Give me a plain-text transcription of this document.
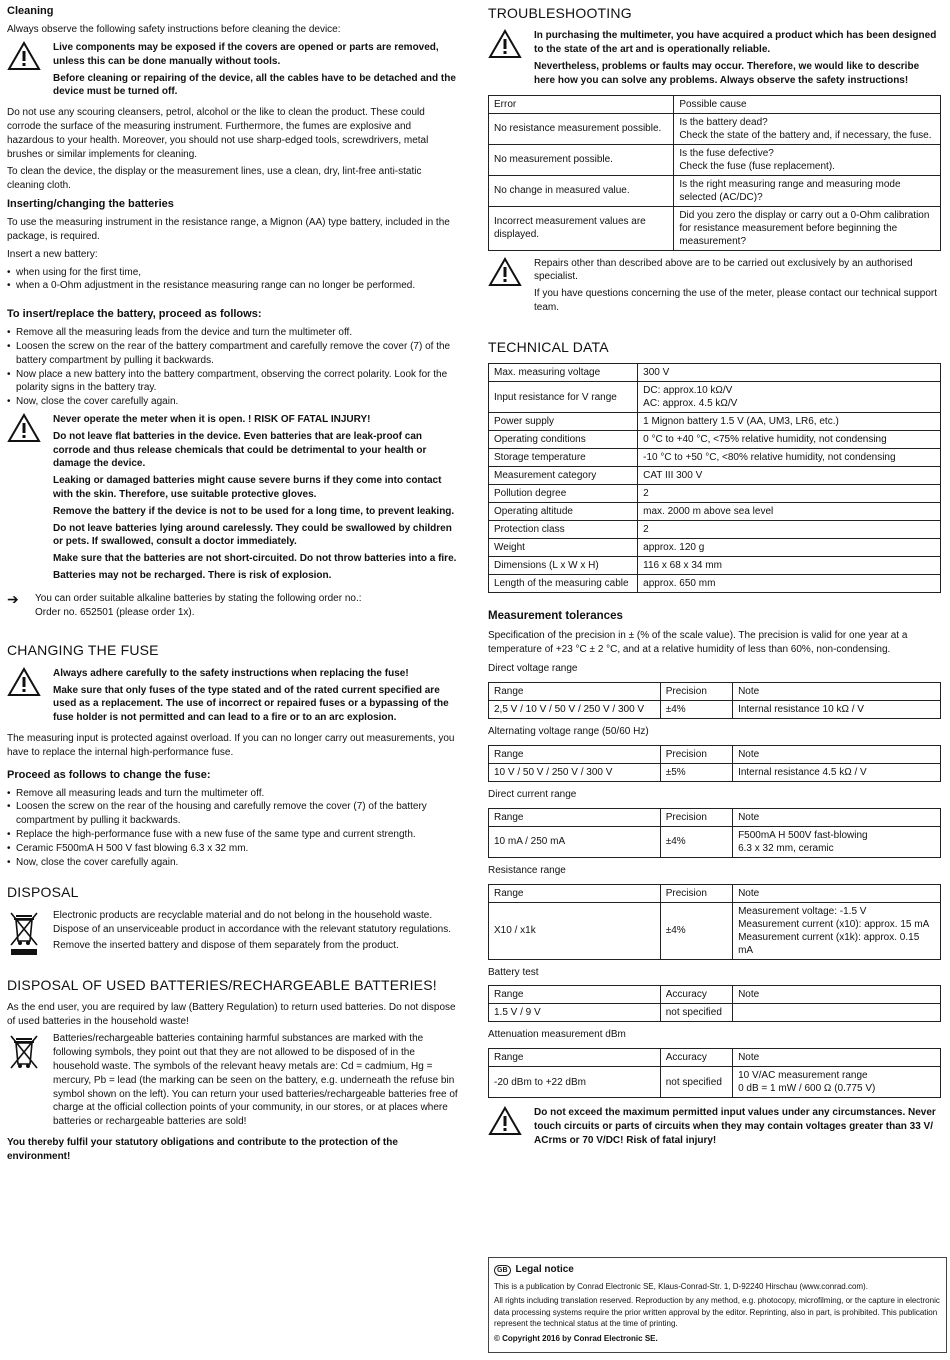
Cleaning

Always observe the following safety instructions before cleaning the device:

Live components may be exposed if the covers are opened or parts are removed, unless this can be done manually without tools.

Before cleaning or repairing of the device, all the cables have to be detached and the device must be turned off.

Do not use any scouring cleansers, petrol, alcohol or the like to clean the product. These could corrode the surface of the measuring instrument. Furthermore, the fumes are explosive and hazardous to your health. Moreover, you should not use sharp-edged tools, screwdrivers, metal brushes or similar implements for cleaning.

To clean the device, the display or the measurement lines, use a clean, dry, lint-free anti-static cleaning cloth.

Inserting/changing the batteries

To use the measuring instrument in the resistance range, a Mignon (AA) type battery, included in the package, is required.

Insert a new battery:

• when using for the first time,
• when a 0-Ohm adjustment in the resistance measuring range can no longer be performed.
To insert/replace the battery, proceed as follows:
• Remove all the measuring leads from the device and turn the multimeter off.
• Loosen the screw on the rear of the battery compartment and carefully remove the cover (7) of the battery compartment by pulling it backwards.
• Now place a new battery into the battery compartment, observing the correct polarity. Look for the polarity signs in the battery tray.
• Now, close the cover carefully again.

Never operate the meter when it is open. ! RISK OF FATAL INJURY!

Do not leave flat batteries in the device. Even batteries that are leak-proof can corrode and thus release chemicals that could be detrimental to your health or damage the device.

Leaking or damaged batteries might cause severe burns if they come into contact with the skin. Therefore, use suitable protective gloves.

Remove the battery if the device is not to be used for a long time, to prevent leaking.

Do not leave batteries lying around carelessly. They could be swallowed by children or pets. If swallowed, consult a doctor immediately.

Make sure that the batteries are not short-circuited. Do not throw batteries into a fire.

Batteries may not be recharged. There is risk of explosion.

➔	You can order suitable alkaline batteries by stating the following order no.:
Order no. 652501 (please order 1x).
CHANGING THE FUSE

Always adhere carefully to the safety instructions when replacing the fuse!

Make sure that only fuses of the type stated and of the rated current specified are used as a replacement. The use of incorrect or repaired fuses or a bypassing of the fuse holder is not permitted and can lead to a fire or to an arc explosion.

The measuring input is protected against overload. If you can no longer carry out measurements, you have to replace the internal high-performance fuse.

Proceed as follows to change the fuse:
• Remove all measuring leads and turn the multimeter off.
• Loosen the screw on the rear of the housing and carefully remove the cover (7) of the battery compartment by pulling it backwards.
• Replace the high-performance fuse with a new fuse of the same type and current strength.
• Ceramic F500mA H 500 V fast blowing 6.3 x 32 mm.
• Now, close the cover carefully again.
DISPOSAL

Electronic products are recyclable material and do not belong in the household waste. Dispose of an unserviceable product in accordance with the relevant statutory regulations.

Remove the inserted battery and dispose of them separately from the product.

DISPOSAL OF USED BATTERIES/RECHARGEABLE BATTERIES!

As the end user, you are required by law (Battery Regulation) to return used batteries. Do not dispose of used batteries in the household waste!

Batteries/rechargeable batteries containing harmful substances are marked with the following symbols, they point out that they are not allowed to be disposed of in the household waste. The symbols of the relevant heavy metals are: Cd = cadmium, Hg = mercury, Pb = lead (the marking can be seen on the battery, e.g. underneath the refuse bin symbol shown on the left). You can return your used batteries/rechargeable batteries free of charge at the official collection points of your community, in our stores, or at places where batteries or rechargeable batteries are sold!

You thereby fulfil your statutory obligations and contribute to the protection of the environment!

TROUBLESHOOTING

In purchasing the multimeter, you have acquired a product which has been designed to the state of the art and is operationally reliable.

Nevertheless, problems or faults may occur. Therefore, we would like to describe here how you can solve any problems. Always observe the safety instructions!

Error	Possible cause
No resistance measurement possible.	Is the battery dead?
Check the state of the battery and, if necessary, the fuse.
No measurement possible.	Is the fuse defective?
Check the fuse (fuse replacement).
No change in measured value.	Is the right measuring range and measuring mode selected (AC/DC)?
Incorrect measurement values are displayed.	Did you zero the display or carry out a 0-Ohm calibration for resistance measurement before beginning the measurement?

Repairs other than described above are to be carried out exclusively by an authorised specialist.

If you have questions concerning the use of the meter, please contact our technical support team.

TECHNICAL DATA
Max. measuring voltage	300 V
Input resistance for V range	DC: approx.10 kΩ/V
AC: approx. 4.5 kΩ/V
Power supply	1 Mignon battery 1.5 V (AA, UM3, LR6, etc.)
Operating conditions	0 °C to +40 °C, <75% relative humidity, not condensing
Storage temperature	-10 °C to +50 °C, <80% relative humidity, not condensing
Measurement category	CAT III 300 V
Pollution degree	2
Operating altitude	max. 2000 m above sea level
Protection class	2
Weight	approx. 120 g
Dimensions (L x W x H)	116 x 68 x 34 mm
Length of the measuring cable	approx. 650 mm
Measurement tolerances

Specification of the precision in ± (% of the scale value). The precision is valid for one year at a temperature of +23 °C ± 2 °C, and at a relative humidity of less than 60%, non-condensing.

Direct voltage range

Range	Precision	Note
2,5 V / 10 V / 50 V / 250 V / 300 V	±4%	Internal resistance 10 kΩ / V

Alternating voltage range (50/60 Hz)

Range	Precision	Note
10 V / 50 V / 250 V / 300 V	±5%	Internal resistance 4.5 kΩ / V

Direct current range

Range	Precision	Note
10 mA / 250 mA	±4%	F500mA H 500V fast-blowing
6.3 x 32 mm, ceramic

Resistance range

Range	Precision	Note
X10 / x1k	±4%	Measurement voltage: -1.5 V
Measurement current (x10): approx. 15 mA
Measurement current (x1k): approx. 0.15 mA

Battery test

Range	Accuracy	Note
1.5 V / 9 V	not specified	

Attenuation measurement dBm

Range	Accuracy	Note
-20 dBm to +22 dBm	not specified	10 V/AC measurement range
0 dB = 1 mW / 600 Ω (0.775 V)

Do not exceed the maximum permitted input values under any circumstances. Never touch circuits or parts of circuits when they may contain voltages greater than 33 V/ ACrms or 70 V/DC! Risk of fatal injury!

GB Legal notice

This is a publication by Conrad Electronic SE, Klaus-Conrad-Str. 1, D-92240 Hirschau (www.conrad.com).

All rights including translation reserved. Reproduction by any method, e.g. photocopy, microfilming, or the capture in electronic data processing systems require the prior written approval by the editor. Reprinting, also in part, is prohibited. This publication represent the technical status at the time of printing.

© Copyright 2016 by Conrad Electronic SE.
